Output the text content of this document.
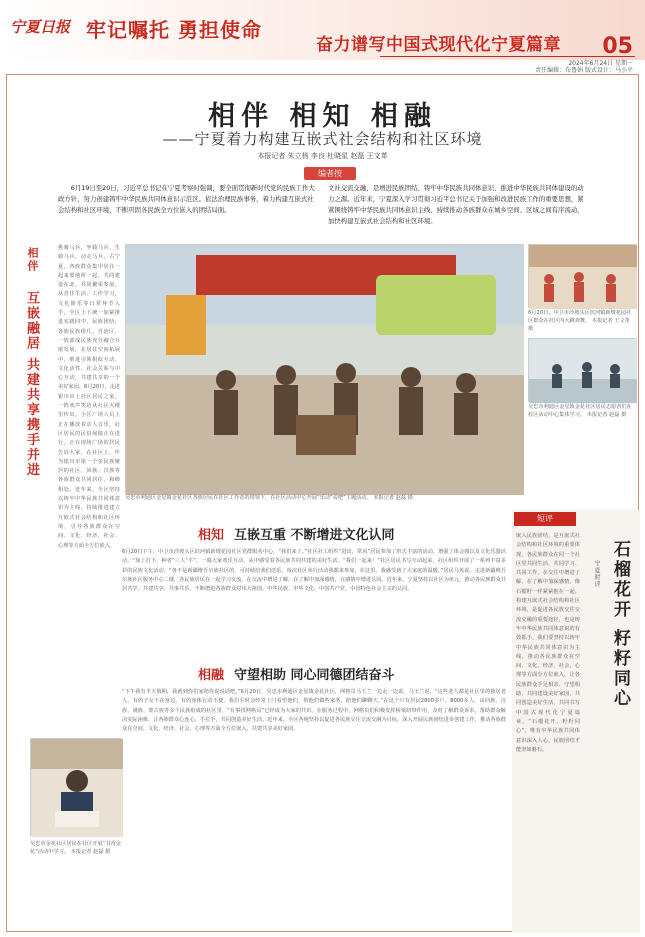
宁夏日报 牢记嘱托 勇担使命
奋力谱写中国式现代化宁夏篇章 05
2024年6月24日 星期一
责任编辑：布鲁娟 版式设计：马小平
相伴 相知 相融
——宁夏着力构建互嵌式社会结构和社区环境
本报记者 朱立杨 李良 杜晓星 赵磊 王文革
编者按
6月19日至20日，习近平总书记在宁夏考察时强调，要全面贯彻新时代党的民族工作大政方针，努力创建铸牢中华民族共同体意识示范区。依法治理民族事务，着力构建互嵌式社会结构和社区环境，不断巩固各民族全方位嵌入的团结局面。
文社交流交融，是增进民族团结、铸牢中华民族共同体意识、推进中华民族共同体建设的动力之源。近年来，宁夏深入学习贯彻习近平总书记关于加强和改进民族工作的重要思想，紧紧围绕铸牢中华民族共同体意识主线，持续推动各族群众在城乡空间、区域之间有序流动，加快构建互嵌式社会结构和社区环境。
相伴
互嵌融居 共建共享携手并进
挑骑马兵，坐骑马兵，生骑马兵，动走马兵，古宁夏，各族群众集中居住一起来要地所一起，共同建设在北，共同繁荣发展。从昔住生活、工作学习，文化娱乐等日常环节入手，全区上下统一加紧推进实践同中，民族团结、各族民族组几、自治区、一族部成民族充分融合互嵌发展，在居住空间拓展中，推进引领相似互动、文化活性、社会关系与中心互动，共建共享的一个美好家园。6月20日，走进银川市上社区居民之家，一阵欢声笑语从社区大楼里传出。小区广场人员上正在播放着动人音乐，社区居民的民俗展演正在进行。正在现场广场的居民告诉大家，在社区上，作为银川市第一个多民族聚居的社区，回族、汉族等各族群众共同居住，和睦相处。近年来，全区坚持以铸牢中华民族共同体意识为主线，持续推进建立互嵌式社会结构和社区环境，引导各族群众在空间、文化、经济、社会、心理等方面全方位嵌入。
吴忠市利通区金星镇金花社区各族居民在社区工作者的带领下，在社区活动中心开展“乐动”说吧”主题活动。 本报记者 赵磊 摄
6月20日，中卫市沙坡头区滨河镇新墩花园社区群众在社区内大跳欢舞。 本报记者 王文革 摄
吴忠市利通区金星镇金花社区居民志愿者们在社区活动中心集体学习。 本报记者 赵磊 摄
相知 互嵌互重 不断增进文化认同
6月20日下午，中卫市沙坡头区滨河镇新墩花园社区党群服务中心，“我们来了。”社区社工组织“进出，常风”居民参加了形式丰富的活动，增强了体会感以及文化乐器活动。“加上打下，种者“三人“平”，一幕大家欢乐互动，从中感受着各民族共同共建的美好生活。“我们一起来！”社区居民书写互动起来，社区组织开展了一系列丰富多彩的民族文化活动。“各不是新疆维吾尔族社区的，可持续给我们送乐，每次社区举行活动我都来参加，在这里，我感受到了大家庭的温暖。”居民马英说。走进新疆维吾尔族社区服务中心二楼，各民族居民在一起学习交流，在交流中增进了解，在了解中加深感情，在感情中增进认同。近年来，宁夏坚持以社区为单元，推动各民族群众共居共学、共建共享、共事共乐，不断增进各族群众对伟大祖国、中华民族、中华文化、中国共产党、中国特色社会主义的认同。
相融 守望相助 同心同德团结奋斗
“下午我有半天假期，我就到你们家陪你说说话吧。”6月20日，吴忠市利通区金星镇金花社区，网格员马玉兰一边走一边说。马玉兰说，“这些老人都是社区里的独居老人，有的子女不在身边，有的身体行动不便，我们平时会经常上门看望他们，帮他们做些家务，陪他们聊聊天。”在这个只有居民2800多户、8000多人，由回族、汉族、满族、蒙古族等多个民族组成的社区里，“有事找网格员”已经成为大家的共识。在服务过程中，网格员们积极发挥桥梁纽带作用，及时了解群众诉求，帮助群众解决实际困难，让各族群众心连心、手拉手，共同创造美好生活。近年来，全区各地坚持以促进各民族交往交流交融为目标，深入开展民族团结进步创建工作，推动各族群众在空间、文化、经济、社会、心理等方面全方位嵌入，共建共享美好家园。
吴忠市金花社区居民在社区开展“书香金花”活动中学习。 本报记者 赵磊 摄
短评
石榴花开 籽籽同心
宁夏时评
嵌入民族团结，是互嵌式社会结构和社区环境的重要体现。各民族群众在同一个社区里共同生活、共同学习、共同工作，在交往中增进了解，在了解中加深感情，像石榴籽一样紧紧抱在一起。构建互嵌式社会结构和社区环境，是促进各民族交往交流交融的重要途径，也是铸牢中华民族共同体意识的有效抓手。我们要坚持以铸牢中华民族共同体意识为主线，推动各民族群众在空间、文化、经济、社会、心理等方面全方位嵌入，让各民族群众手足相亲、守望相助，共同建设美好家园，共同创造美好生活，共同书写中国式现代化宁夏篇章。“石榴花开，籽籽同心”，唯有中华民族共同体意识深入人心，民族团结才能坚如磐石。
